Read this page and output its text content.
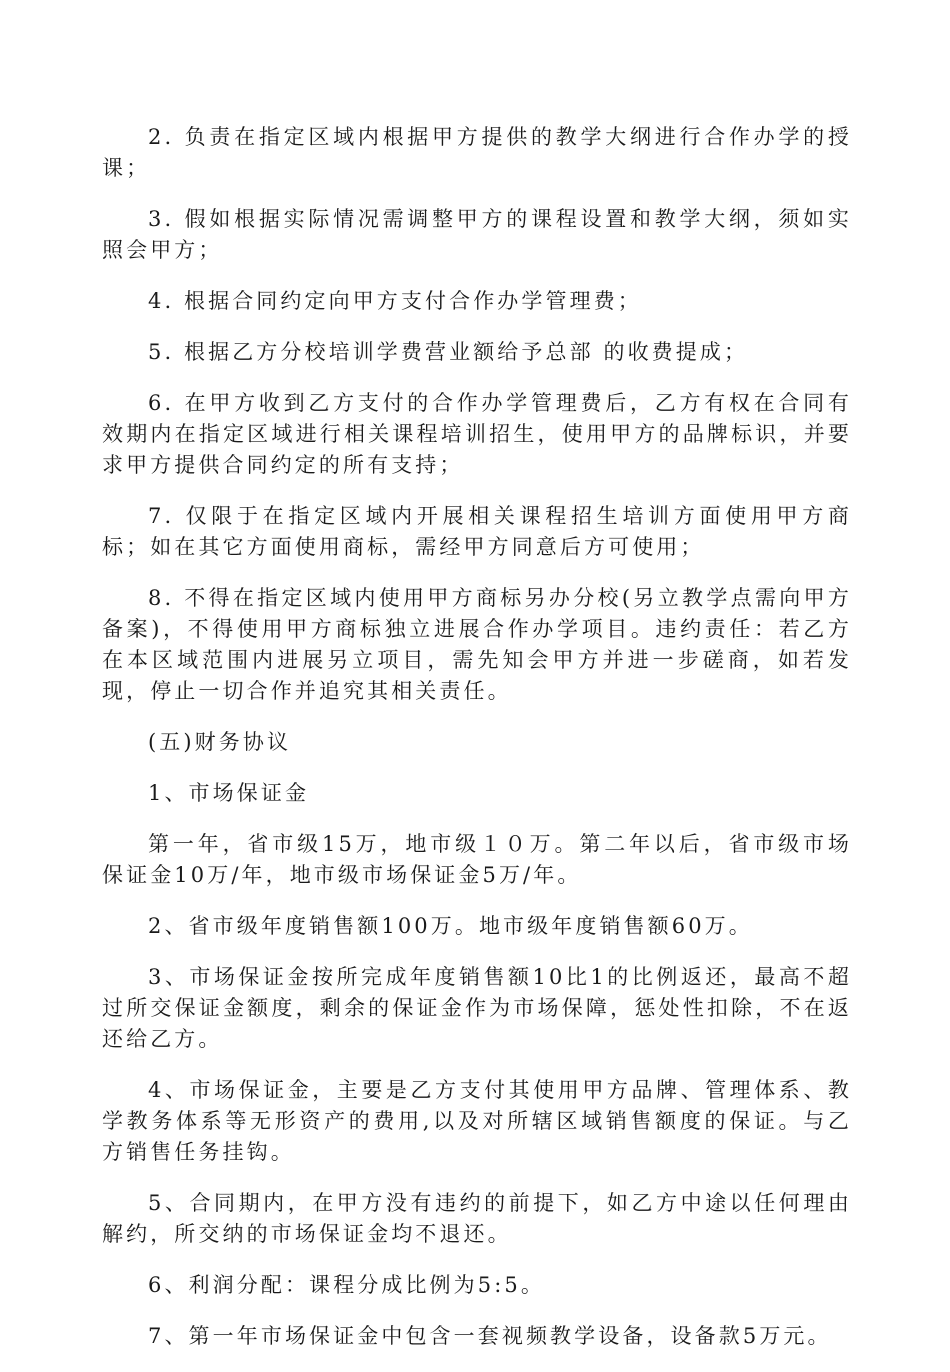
2. 负责在指定区域内根据甲方提供的教学大纲进行合作办学的授课；

3. 假如根据实际情况需调整甲方的课程设置和教学大纲，须如实照会甲方；

4. 根据合同约定向甲方支付合作办学管理费；

5. 根据乙方分校培训学费营业额给予总部 的收费提成；

6. 在甲方收到乙方支付的合作办学管理费后，乙方有权在合同有效期内在指定区域进行相关课程培训招生，使用甲方的品牌标识，并要求甲方提供合同约定的所有支持；

7. 仅限于在指定区域内开展相关课程招生培训方面使用甲方商标；如在其它方面使用商标，需经甲方同意后方可使用；

8. 不得在指定区域内使用甲方商标另办分校(另立教学点需向甲方备案)，不得使用甲方商标独立进展合作办学项目。违约责任：若乙方在本区域范围内进展另立项目，需先知会甲方并进一步磋商，如若发现，停止一切合作并追究其相关责任。

(五)财务协议

1、市场保证金

第一年，省市级15万，地市级１０万。第二年以后，省市级市场保证金10万/年，地市级市场保证金5万/年。

2、省市级年度销售额100万。地市级年度销售额60万。

3、市场保证金按所完成年度销售额10比1的比例返还，最高不超过所交保证金额度，剩余的保证金作为市场保障，惩处性扣除，不在返还给乙方。

4、市场保证金，主要是乙方支付其使用甲方品牌、管理体系、教学教务体系等无形资产的费用,以及对所辖区域销售额度的保证。与乙方销售任务挂钩。

5、合同期内，在甲方没有违约的前提下，如乙方中途以任何理由解约，所交纳的市场保证金均不退还。

6、利润分配：课程分成比例为5:5。

7、第一年市场保证金中包含一套视频教学设备，设备款5万元。
